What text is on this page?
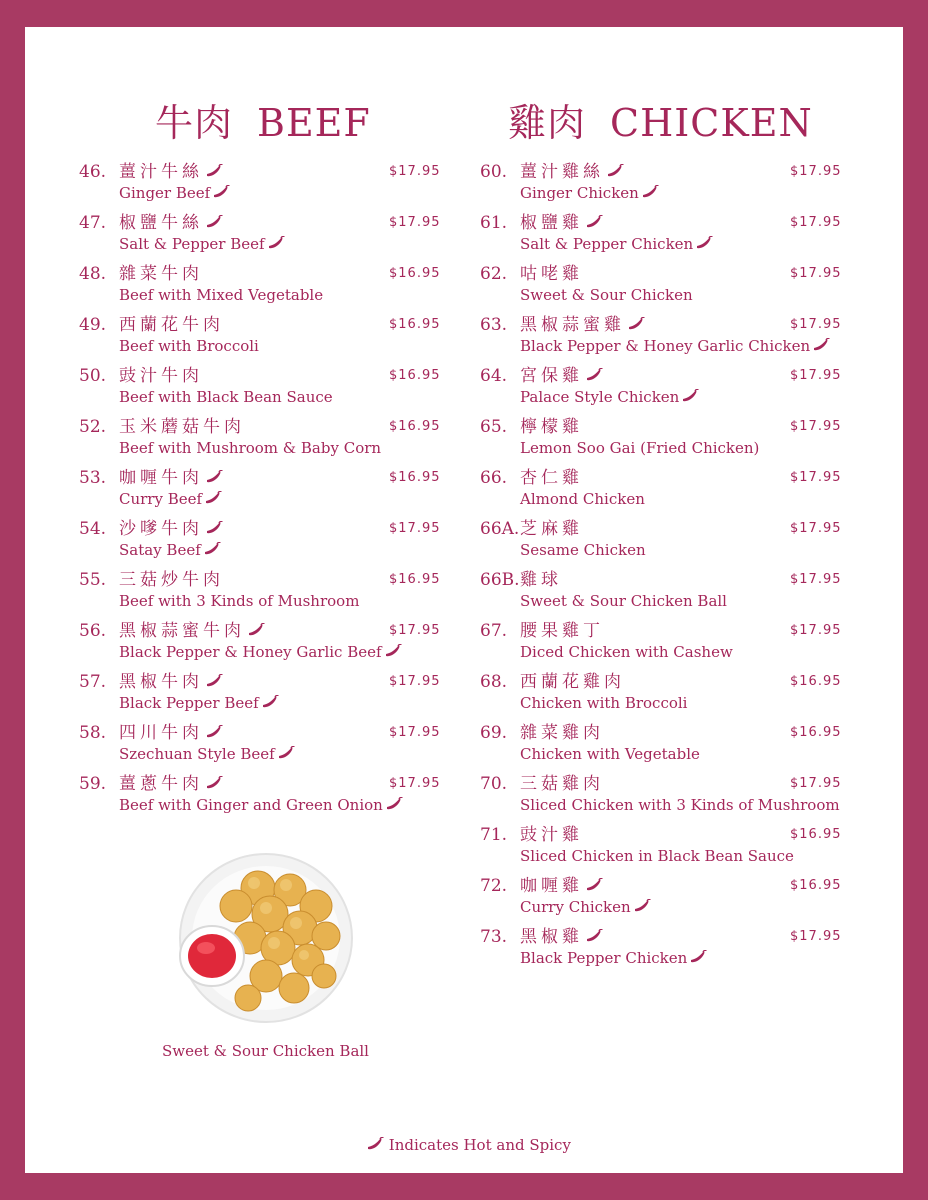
牛肉 BEEF	雞肉 CHICKEN
46. 薑汁牛絲
Ginger Beef
$17.95
47. 椒鹽牛絲
Salt & Pepper Beef
$17.95
48. 雜菜牛肉
Beef with Mixed Vegetable
$16.95
49. 西蘭花牛肉
Beef with Broccoli
$16.95
50. 豉汁牛肉
Beef with Black Bean Sauce
$16.95
52. 玉米蘑菇牛肉
Beef with Mushroom & Baby Corn
$16.95
53. 咖喱牛肉
Curry Beef
$16.95
54. 沙嗲牛肉
Satay Beef
$17.95
55. 三菇炒牛肉
Beef with 3 Kinds of Mushroom
$16.95
56. 黑椒蒜蜜牛肉
Black Pepper & Honey Garlic Beef
$17.95
57. 黑椒牛肉
Black Pepper Beef
$17.95
58. 四川牛肉
Szechuan Style Beef
$17.95
59. 薑蔥牛肉
Beef with Ginger and Green Onion
$17.95
60. 薑汁雞絲
Ginger Chicken
$17.95
61. 椒鹽雞
Salt & Pepper Chicken
$17.95
62. 咕咾雞
Sweet & Sour Chicken
$17.95
63. 黑椒蒜蜜雞
Black Pepper & Honey Garlic Chicken
$17.95
64. 宮保雞
Palace Style Chicken
$17.95
65. 檸檬雞
Lemon Soo Gai (Fried Chicken)
$17.95
66. 杏仁雞
Almond Chicken
$17.95
66A. 芝麻雞
Sesame Chicken
$17.95
66B. 雞球
Sweet & Sour Chicken Ball
$17.95
67. 腰果雞丁
Diced Chicken with Cashew
$17.95
68. 西蘭花雞肉
Chicken with Broccoli
$16.95
69. 雜菜雞肉
Chicken with Vegetable
$16.95
70. 三菇雞肉
Sliced Chicken with 3 Kinds of Mushroom
$17.95
71. 豉汁雞
Sliced Chicken in Black Bean Sauce
$16.95
72. 咖喱雞
Curry Chicken
$16.95
73. 黑椒雞
Black Pepper Chicken
$17.95
Sweet & Sour Chicken Ball
Indicates Hot and Spicy
